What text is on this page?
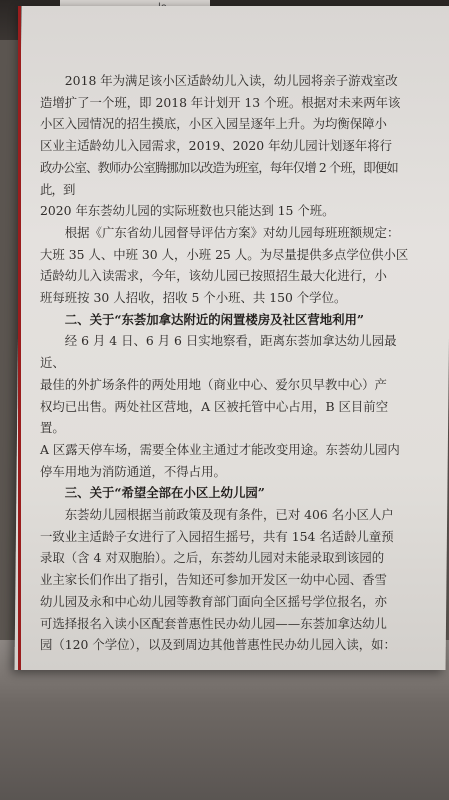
2018 年为满足该小区适龄幼儿入读，幼儿园将亲子游戏室改
造增扩了一个班，即 2018 年计划开 13 个班。根据对未来两年该
小区入园情况的招生摸底，小区入园呈逐年上升。为均衡保障小
区业主适龄幼儿入园需求，2019、2020 年幼儿园计划逐年将行
政办公室、教师办公室腾挪加以改造为班室，每年仅增 2 个班，即便如此，到
2020 年东荟幼儿园的实际班数也只能达到 15 个班。

根据《广东省幼儿园督导评估方案》对幼儿园每班班额规定：
大班 35 人、中班 30 人，小班 25 人。为尽量提供多点学位供小区
适龄幼儿入读需求，今年，该幼儿园已按照招生最大化进行，小
班每班按 30 人招收，招收 5 个小班、共 150 个学位。

二、关于“东荟加拿达附近的闲置楼房及社区营地利用”

经 6 月 4 日、6 月 6 日实地察看，距离东荟加拿达幼儿园最近、
最佳的外扩场条件的两处用地（商业中心、爱尔贝早教中心）产
权均已出售。两处社区营地，A 区被托管中心占用，B 区目前空置。
A 区露天停车场，需要全体业主通过才能改变用途。东荟幼儿园内
停车用地为消防通道，不得占用。

三、关于“希望全部在小区上幼儿园”

东荟幼儿园根据当前政策及现有条件，已对 406 名小区人户
一致业主适龄子女进行了入园招生摇号，共有 154 名适龄儿童预
录取（含 4 对双胞胎）。之后，东荟幼儿园对未能录取到该园的
业主家长们作出了指引，告知还可参加开发区一幼中心园、香雪
幼儿园及永和中心幼儿园等教育部门面向全区摇号学位报名，亦
可选择报名入读小区配套普惠性民办幼儿园——东荟加拿达幼儿
园（120 个学位），以及到周边其他普惠性民办幼儿园入读，如：
